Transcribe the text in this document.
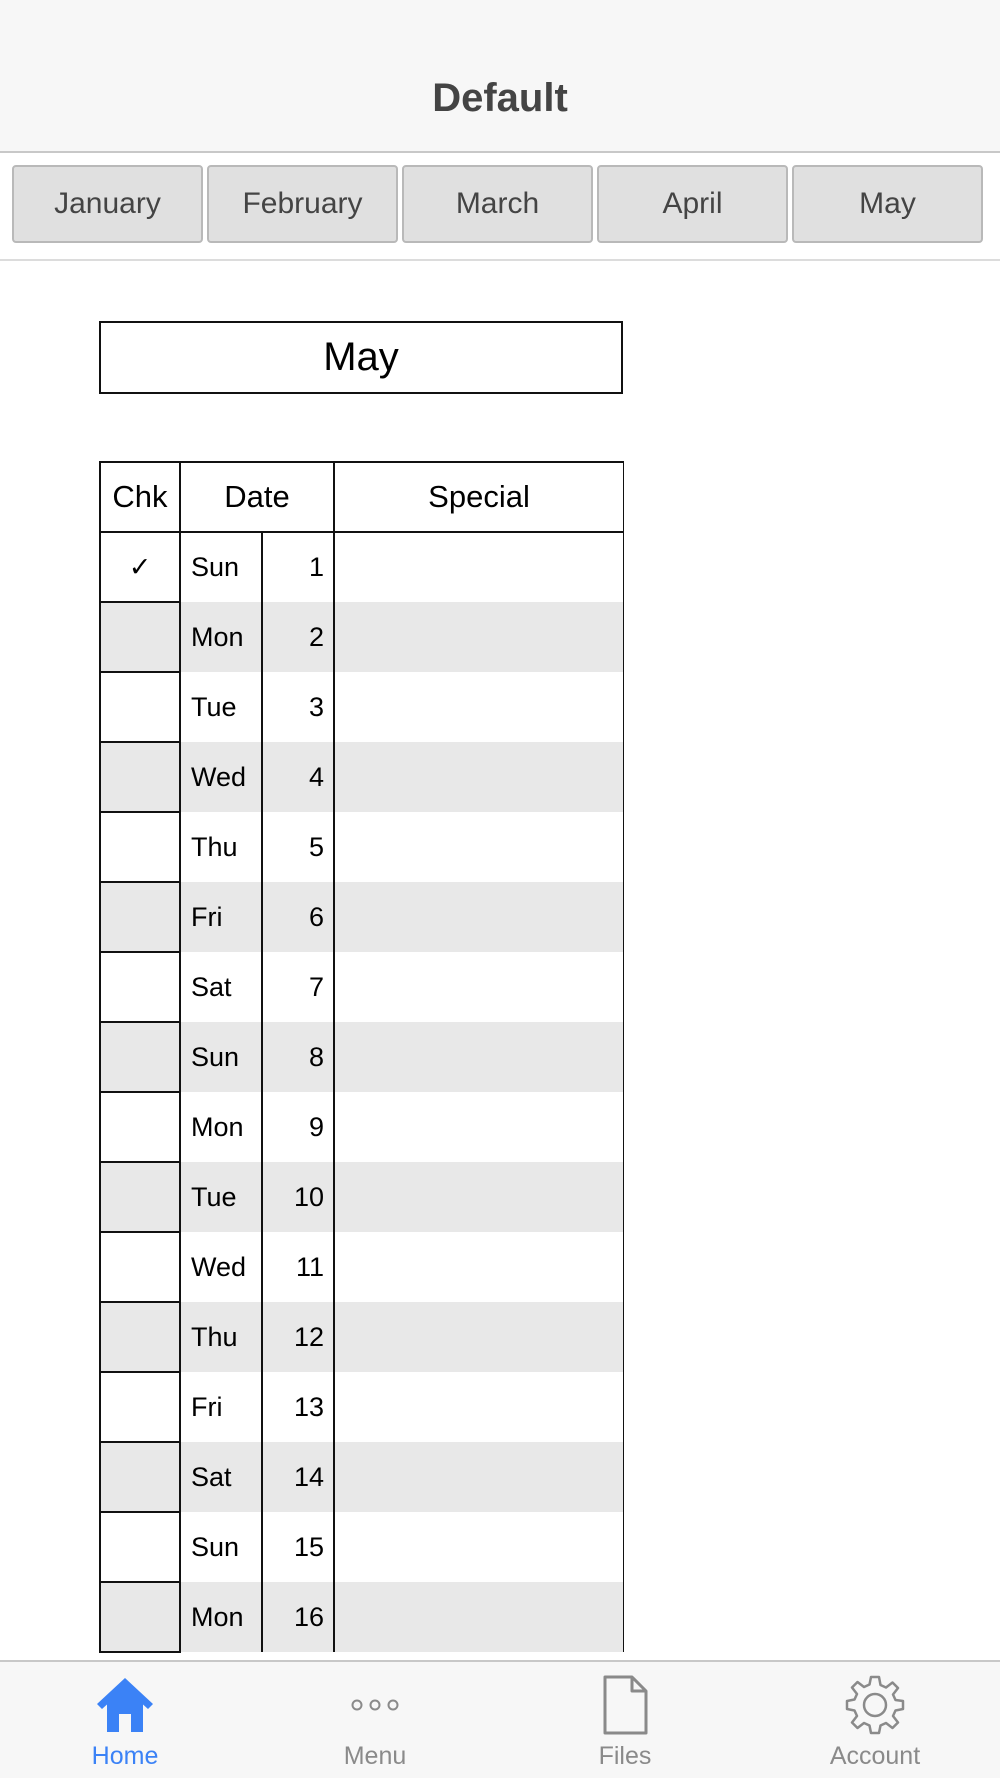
Default
January	February	March	April	May
May
Chk	Date		Special
✓	Sun	1	
	Mon	2	
	Tue	3	
	Wed	4	
	Thu	5	
	Fri	6	
	Sat	7	
	Sun	8	
	Mon	9	
	Tue	10	
	Wed	11	
	Thu	12	
	Fri	13	
	Sat	14	
	Sun	15	
	Mon	16	
Home	Menu	Files	Account
